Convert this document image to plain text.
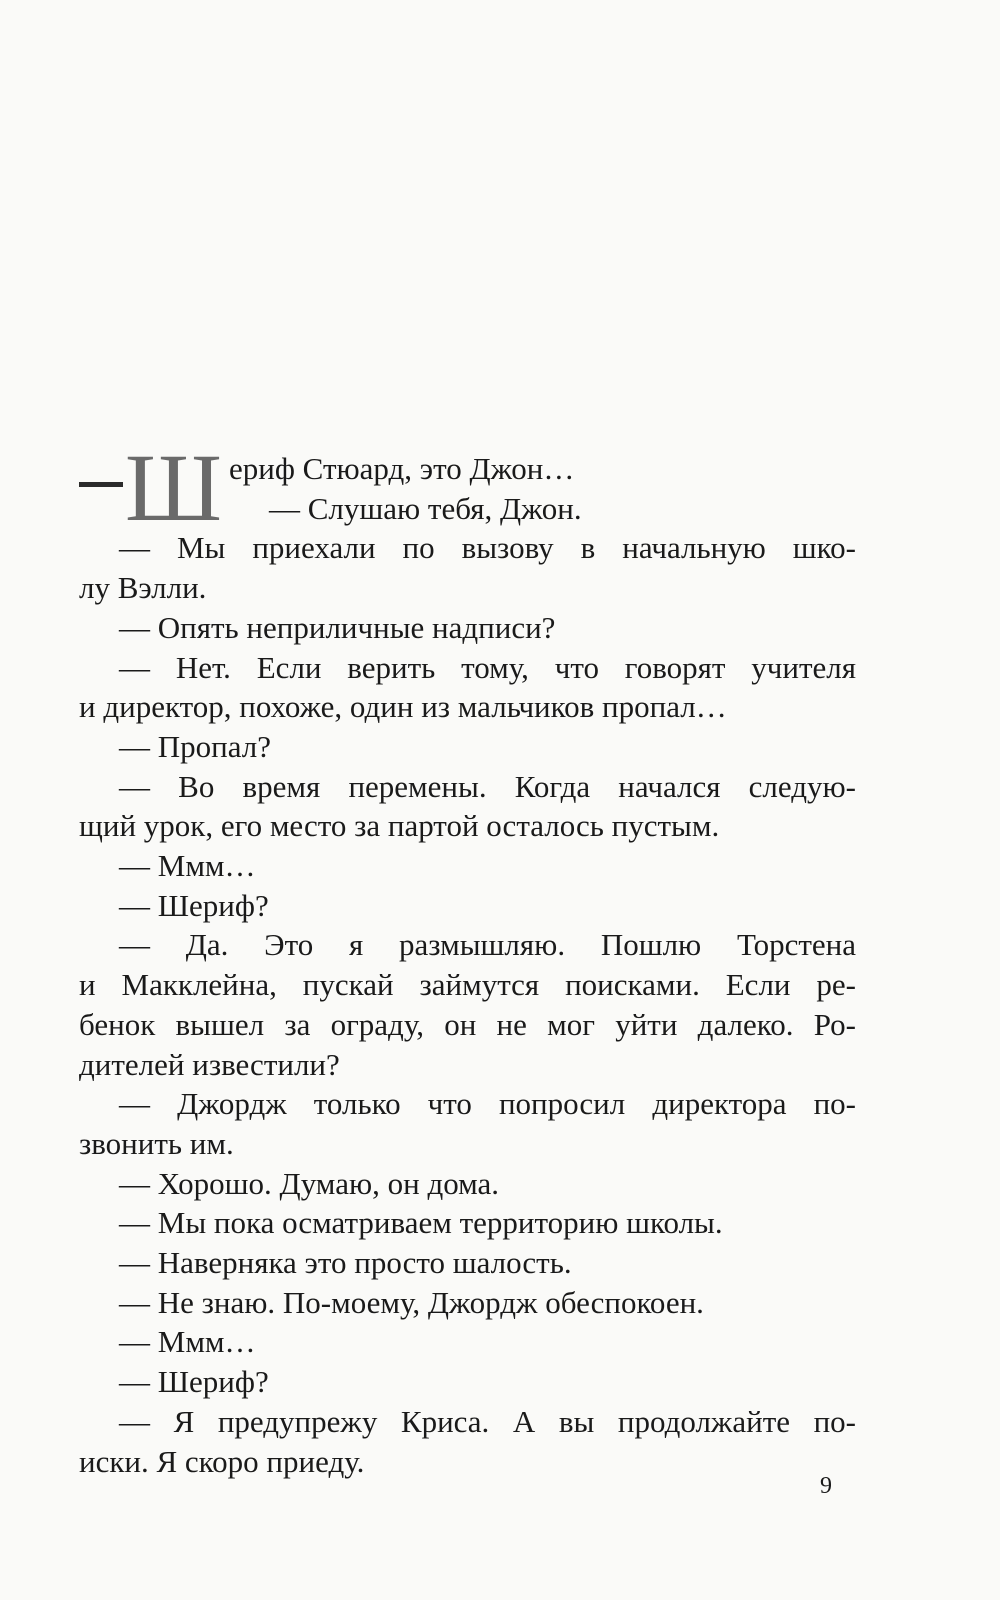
Ш ериф Стюард, это Джон…
— Слушаю тебя, Джон.
— Мы приехали по вызову в начальную шко-
лу Вэлли.
— Опять неприличные надписи?
— Нет. Если верить тому, что говорят учителя
и директор, похоже, один из мальчиков пропал…
— Пропал?
— Во время перемены. Когда начался следую-
щий урок, его место за партой осталось пустым.
— Ммм…
— Шериф?
— Да. Это я размышляю. Пошлю Торстена
и Макклейна, пускай займутся поисками. Если ре-
бенок вышел за ограду, он не мог уйти далеко. Ро-
дителей известили?
— Джордж только что попросил директора по-
звонить им.
— Хорошо. Думаю, он дома.
— Мы пока осматриваем территорию школы.
— Наверняка это просто шалость.
— Не знаю. По-моему, Джордж обеспокоен.
— Ммм…
— Шериф?
— Я предупрежу Криса. А вы продолжайте по-
иски. Я скоро приеду.
9
